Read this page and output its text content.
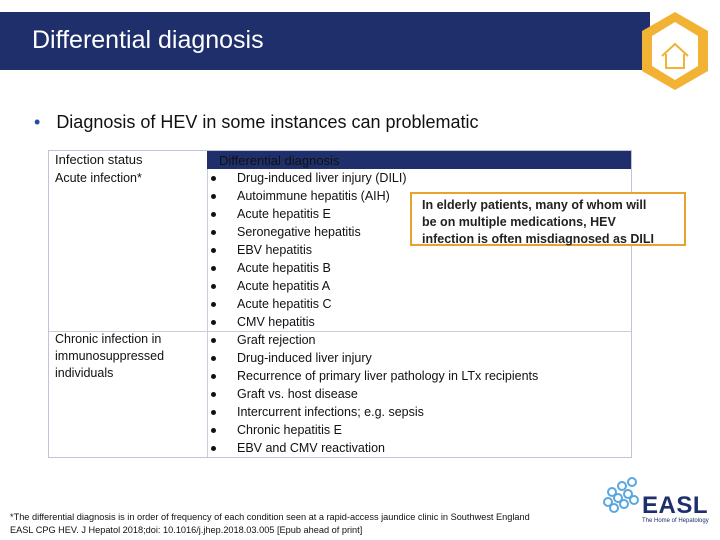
Differential diagnosis
• Diagnosis of HEV in some instances can problematic
Infection status	Differential diagnosis
Acute infection*
Chronic infection in immunosuppressed individuals
Drug-induced liver injury (DILI)
Autoimmune hepatitis (AIH)
Acute hepatitis E
Seronegative hepatitis
EBV hepatitis
Acute hepatitis B
Acute hepatitis A
Acute hepatitis C
CMV hepatitis
Graft rejection
Drug-induced liver injury
Recurrence of primary liver pathology in LTx recipients
Graft vs. host disease
Intercurrent infections; e.g. sepsis
Chronic hepatitis E
EBV and CMV reactivation
In elderly patients, many of whom will
be on multiple medications, HEV
infection is often misdiagnosed as DILI
*The differential diagnosis is in order of frequency of each condition seen at a rapid-access jaundice clinic in Southwest England
EASL CPG HEV. J Hepatol 2018;doi: 10.1016/j.jhep.2018.03.005 [Epub ahead of print]
EASL
The Home of Hepatology
